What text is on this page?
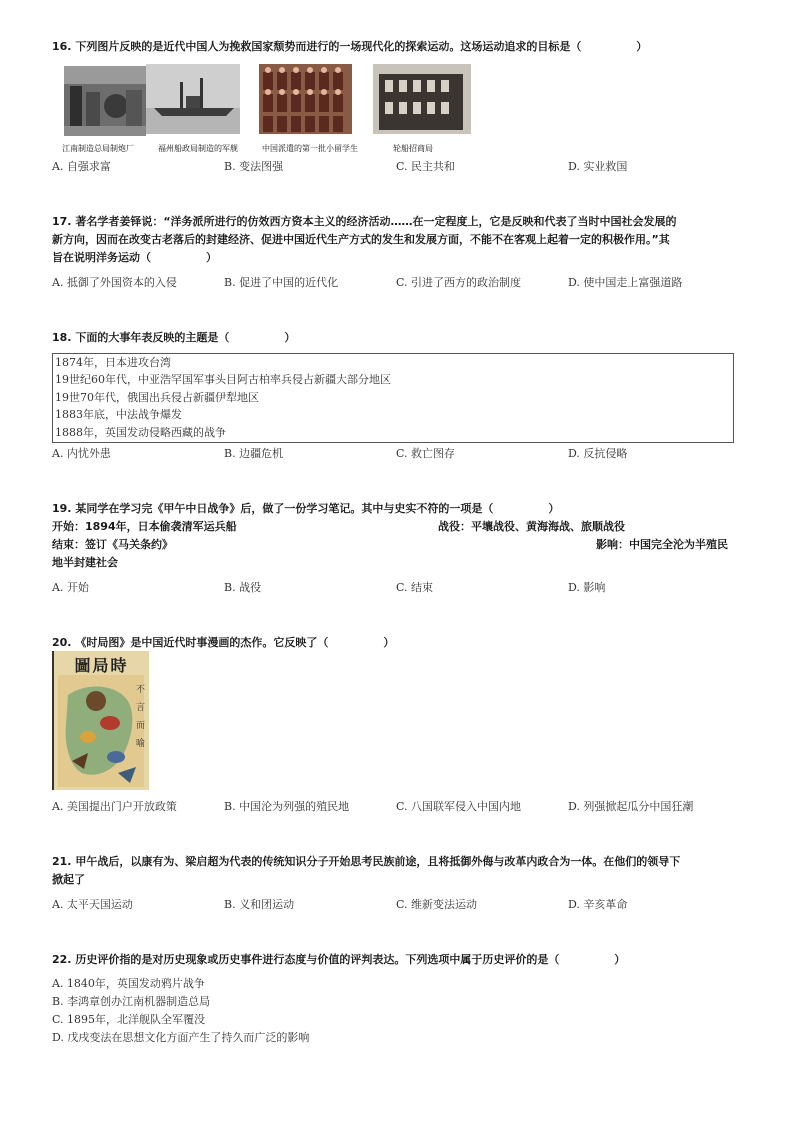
16. 下列图片反映的是近代中国人为挽救国家颓势而进行的一场现代化的探索运动。这场运动追求的目标是（　　　　　）
江南制造总局制炮厂	福州船政局制造的军舰	中国派遣的第一批小留学生	轮船招商局
A. 自强求富	B. 变法图强	C. 民主共和	D. 实业救国
17. 著名学者姜铎说：“洋务派所进行的仿效西方资本主义的经济活动……在一定程度上，它是反映和代表了当时中国社会发展的
新方向，因而在改变古老落后的封建经济、促进中国近代生产方式的发生和发展方面，不能不在客观上起着一定的积极作用。”其
旨在说明洋务运动（　　　　　）
A. 抵御了外国资本的入侵	B. 促进了中国的近代化	C. 引进了西方的政治制度	D. 使中国走上富强道路
18. 下面的大事年表反映的主题是（　　　　　）
1874年，日本进攻台湾
19世纪60年代，中亚浩罕国军事头目阿古柏率兵侵占新疆大部分地区
19世70年代，俄国出兵侵占新疆伊犁地区
1883年底，中法战争爆发
1888年，英国发动侵略西藏的战争
A. 内忧外患	B. 边疆危机	C. 救亡图存	D. 反抗侵略
19. 某同学在学习完《甲午中日战争》后，做了一份学习笔记。其中与史实不符的一项是（　　　　　）
开始：1894年，日本偷袭清军运兵船	战役：平壤战役、黄海海战、旅顺战役
结束：签订《马关条约》	影响：中国完全沦为半殖民
地半封建社会
A. 开始	B. 战役	C. 结束	D. 影响
20. 《时局图》是中国近代时事漫画的杰作。它反映了（　　　　　）
圖局時
不言而喻
A. 美国提出门户开放政策	B. 中国沦为列强的殖民地	C. 八国联军侵入中国内地	D. 列强掀起瓜分中国狂潮
21. 甲午战后，以康有为、梁启超为代表的传统知识分子开始思考民族前途，且将抵御外侮与改革内政合为一体。在他们的领导下
掀起了
A. 太平天国运动	B. 义和团运动	C. 维新变法运动	D. 辛亥革命
22. 历史评价指的是对历史现象或历史事件进行态度与价值的评判表达。下列选项中属于历史评价的是（　　　　　）
A. 1840年，英国发动鸦片战争
B. 李鸿章创办江南机器制造总局
C. 1895年，北洋舰队全军覆没
D. 戊戌变法在思想文化方面产生了持久而广泛的影响
